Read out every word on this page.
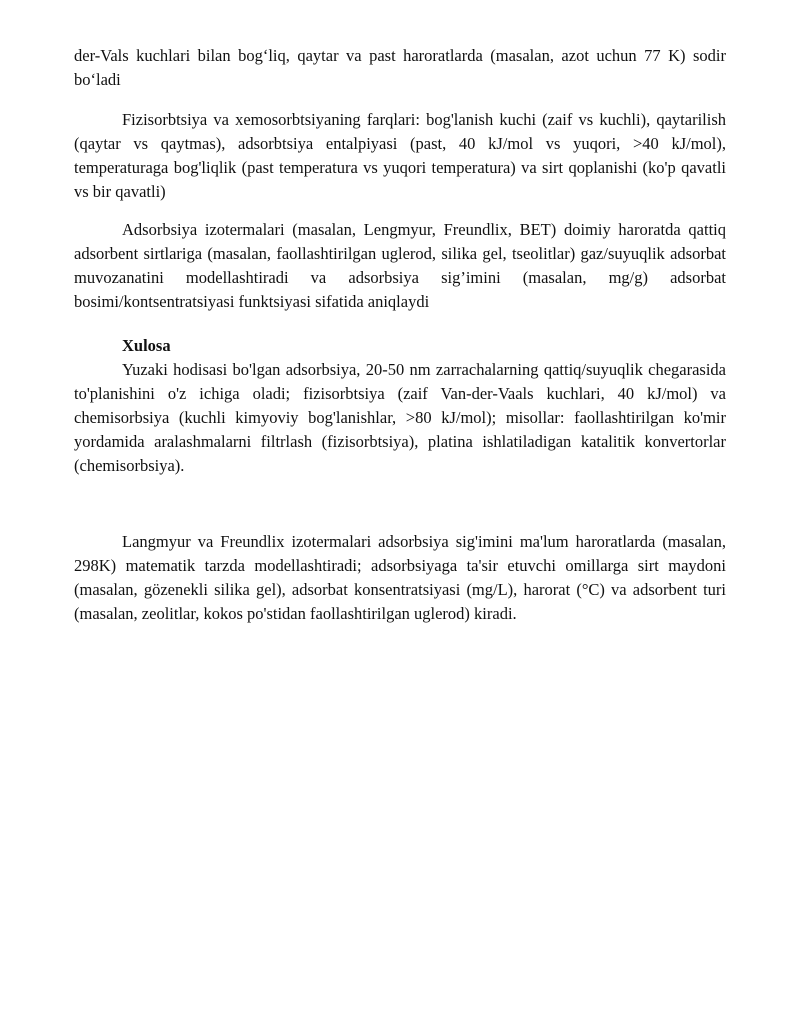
der-Vals kuchlari bilan bog‘liq, qaytar va past haroratlarda (masalan, azot uchun 77 K) sodir bo‘ladi

Fizisorbtsiya va xemosorbtsiyaning farqlari: bog'lanish kuchi (zaif vs kuchli), qaytarilish (qaytar vs qaytmas), adsorbtsiya entalpiyasi (past, 40 kJ/mol vs yuqori, >40 kJ/mol), temperaturaga bog'liqlik (past temperatura vs yuqori temperatura) va sirt qoplanishi (ko'p qavatli vs bir qavatli)

Adsorbsiya izotermalari (masalan, Lengmyur, Freundlix, BET) doimiy haroratda qattiq adsorbent sirtlariga (masalan, faollashtirilgan uglerod, silika gel, tseolitlar) gaz/suyuqlik adsorbat muvozanatini modellashtiradi va adsorbsiya sig’imini (masalan, mg/g) adsorbat bosimi/kontsentratsiyasi funktsiyasi sifatida aniqlaydi

Xulosa

Yuzaki hodisasi bo'lgan adsorbsiya, 20-50 nm zarrachalarning qattiq/suyuqlik chegarasida to'planishini o'z ichiga oladi; fizisorbtsiya (zaif Van-der-Vaals kuchlari, 40 kJ/mol) va chemisorbsiya (kuchli kimyoviy bog'lanishlar, >80 kJ/mol); misollar: faollashtirilgan ko'mir yordamida aralashmalarni filtrlash (fizisorbtsiya), platina ishlatiladigan katalitik konvertorlar (chemisorbsiya).

Langmyur va Freundlix izotermalari adsorbsiya sig'imini ma'lum haroratlarda (masalan, 298K) matematik tarzda modellashtiradi; adsorbsiyaga ta'sir etuvchi omillarga sirt maydoni (masalan, gözenekli silika gel), adsorbat konsentratsiyasi (mg/L), harorat (°C) va adsorbent turi (masalan, zeolitlar, kokos po'stidan faollashtirilgan uglerod) kiradi.
